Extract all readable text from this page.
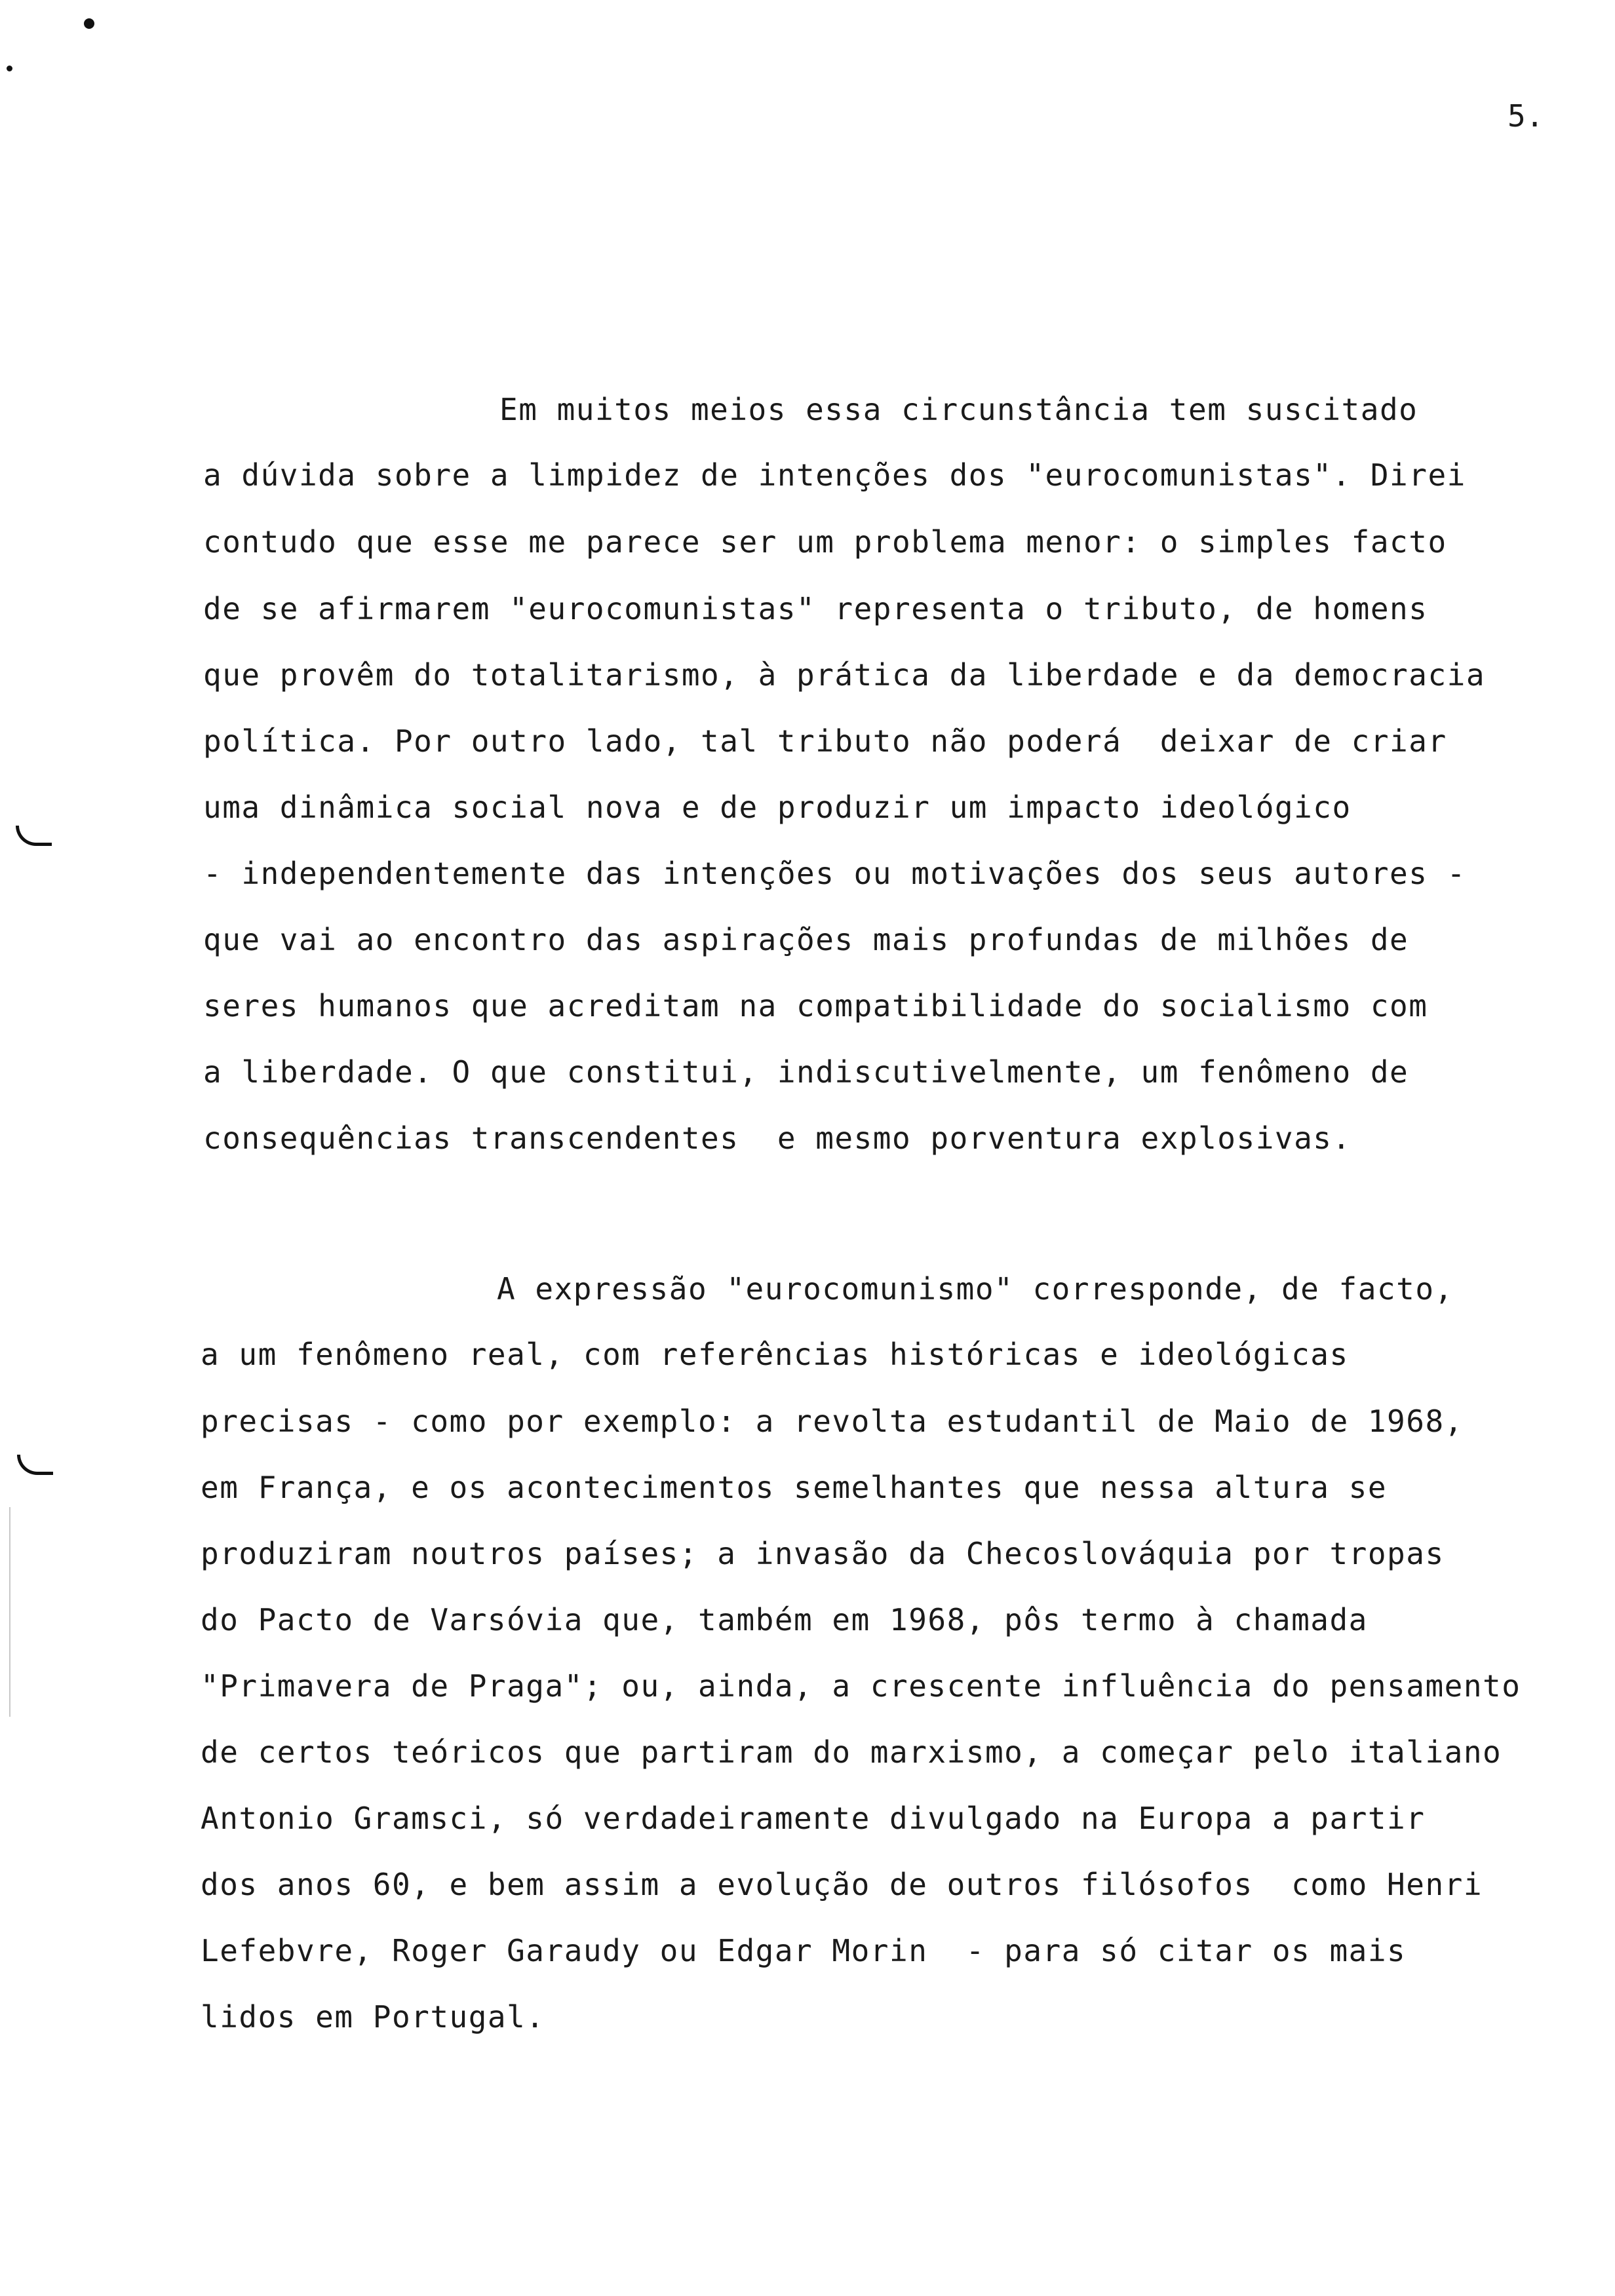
5.
Em muitos meios essa circunstância tem suscitado
a dúvida sobre a limpidez de intenções dos "eurocomunistas". Direi
contudo que esse me parece ser um problema menor: o simples facto
de se afirmarem "eurocomunistas" representa o tributo, de homens
que provêm do totalitarismo, à prática da liberdade e da democracia
política. Por outro lado, tal tributo não poderá  deixar de criar
uma dinâmica social nova e de produzir um impacto ideológico
- independentemente das intenções ou motivações dos seus autores -
que vai ao encontro das aspirações mais profundas de milhões de
seres humanos que acreditam na compatibilidade do socialismo com
a liberdade. O que constitui, indiscutivelmente, um fenômeno de
consequências transcendentes  e mesmo porventura explosivas.
A expressão "eurocomunismo" corresponde, de facto,
a um fenômeno real, com referências históricas e ideológicas
precisas - como por exemplo: a revolta estudantil de Maio de 1968,
em França, e os acontecimentos semelhantes que nessa altura se
produziram noutros países; a invasão da Checoslováquia por tropas
do Pacto de Varsóvia que, também em 1968, pôs termo à chamada
"Primavera de Praga"; ou, ainda, a crescente influência do pensamento
de certos teóricos que partiram do marxismo, a começar pelo italiano
Antonio Gramsci, só verdadeiramente divulgado na Europa a partir
dos anos 60, e bem assim a evolução de outros filósofos  como Henri
Lefebvre, Roger Garaudy ou Edgar Morin  - para só citar os mais
lidos em Portugal.
